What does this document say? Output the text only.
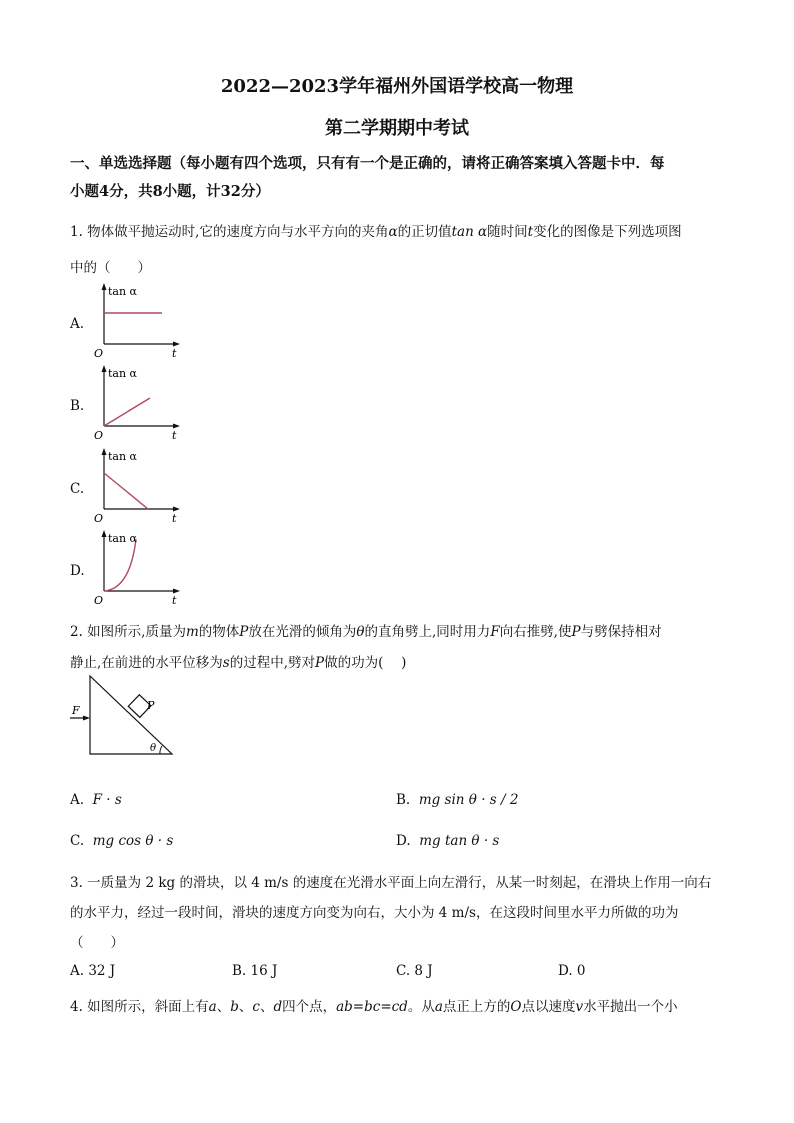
2022—2023学年福州外国语学校高一物理
第二学期期中考试
一、单选选择题（每小题有四个选项，只有有一个是正确的，请将正确答案填入答题卡中．每
小题4分，共8小题，计32分）
1. 物体做平抛运动时,它的速度方向与水平方向的夹角α的正切值tan α随时间t变化的图像是下列选项图
中的（　　）
A.
tan α
O	t
B.
tan α
O	t
C.
tan α
O	t
D.
tan α
O	t
2. 如图所示,质量为m的物体P放在光滑的倾角为θ的直角劈上,同时用力F向右推劈,使P与劈保持相对
静止,在前进的水平位移为s的过程中,劈对P做的功为(　 )
F	P
θ
A. F · s	B. mg sin θ · s / 2
C. mg cos θ · s	D. mg tan θ · s
3. 一质量为 2 kg 的滑块，以 4 m/s 的速度在光滑水平面上向左滑行，从某一时刻起，在滑块上作用一向右
的水平力，经过一段时间，滑块的速度方向变为向右，大小为 4 m/s，在这段时间里水平力所做的功为
（　　）
A. 32 J	B. 16 J	C. 8 J	D. 0
4. 如图所示，斜面上有a、b、c、d四个点，ab=bc=cd。从a点正上方的O点以速度v水平抛出一个小
